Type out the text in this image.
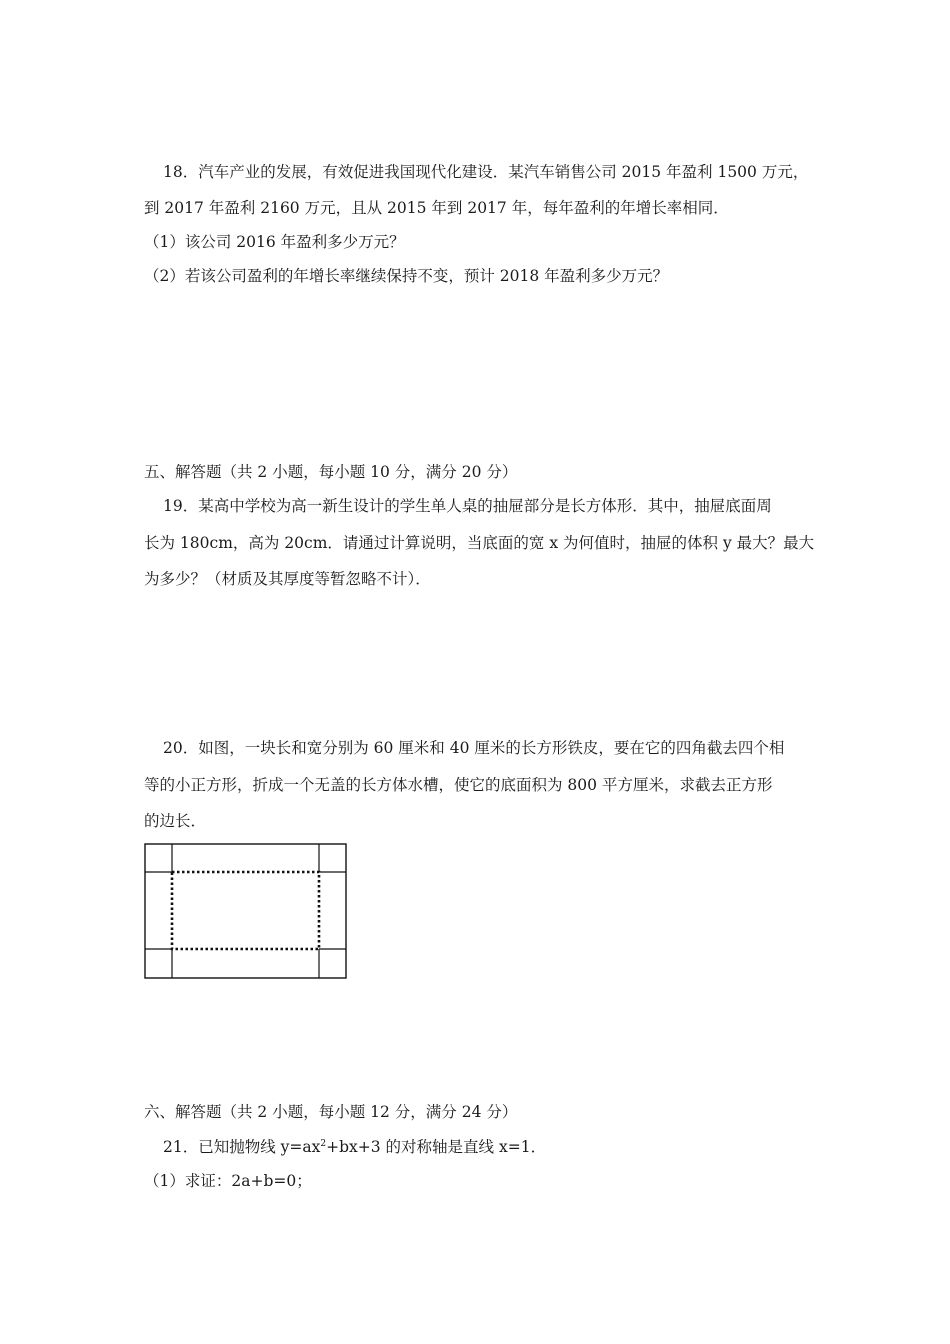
18．汽车产业的发展，有效促进我国现代化建设．某汽车销售公司 2015 年盈利 1500 万元，
到 2017 年盈利 2160 万元，且从 2015 年到 2017 年，每年盈利的年增长率相同．
（1）该公司 2016 年盈利多少万元？
（2）若该公司盈利的年增长率继续保持不变，预计 2018 年盈利多少万元？
五、解答题（共 2 小题，每小题 10 分，满分 20 分）
19．某高中学校为高一新生设计的学生单人桌的抽屉部分是长方体形．其中，抽屉底面周
长为 180cm，高为 20cm．请通过计算说明，当底面的宽 x 为何值时，抽屉的体积 y 最大？最大
为多少？（材质及其厚度等暂忽略不计）．
20．如图，一块长和宽分别为 60 厘米和 40 厘米的长方形铁皮，要在它的四角截去四个相
等的小正方形，折成一个无盖的长方体水槽，使它的底面积为 800 平方厘米，求截去正方形
的边长．
六、解答题（共 2 小题，每小题 12 分，满分 24 分）
21．已知抛物线 $y=ax^2+bx+3$ 的对称轴是直线 x=1．
（1）求证：2a+b=0；
